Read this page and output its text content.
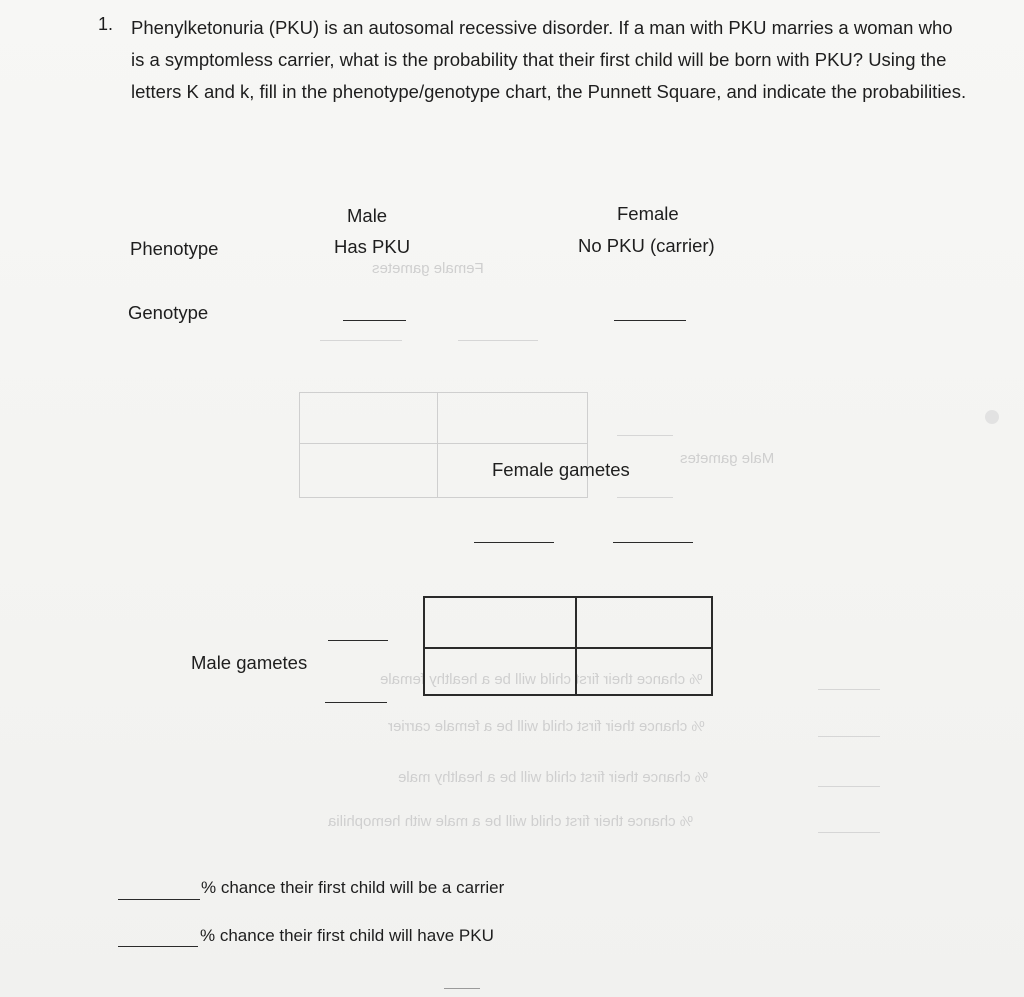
1. Phenylketonuria (PKU) is an autosomal recessive disorder. If a man with PKU marries a woman who is a symptomless carrier, what is the probability that their first child will be born with PKU? Using the letters K and k, fill in the phenotype/genotype chart, the Punnett Square, and indicate the probabilities.
Male	Female
Phenotype	Has PKU	No PKU (carrier)
Genotype
Female gametes
Male gametes
% chance their first child will be a healthy female
% chance their first child will be a female carrier
% chance their first child will be a healthy male
% chance their first child will be a male with hemophilia
Female gametes
Male gametes
% chance their first child will be a carrier
% chance their first child will have PKU
